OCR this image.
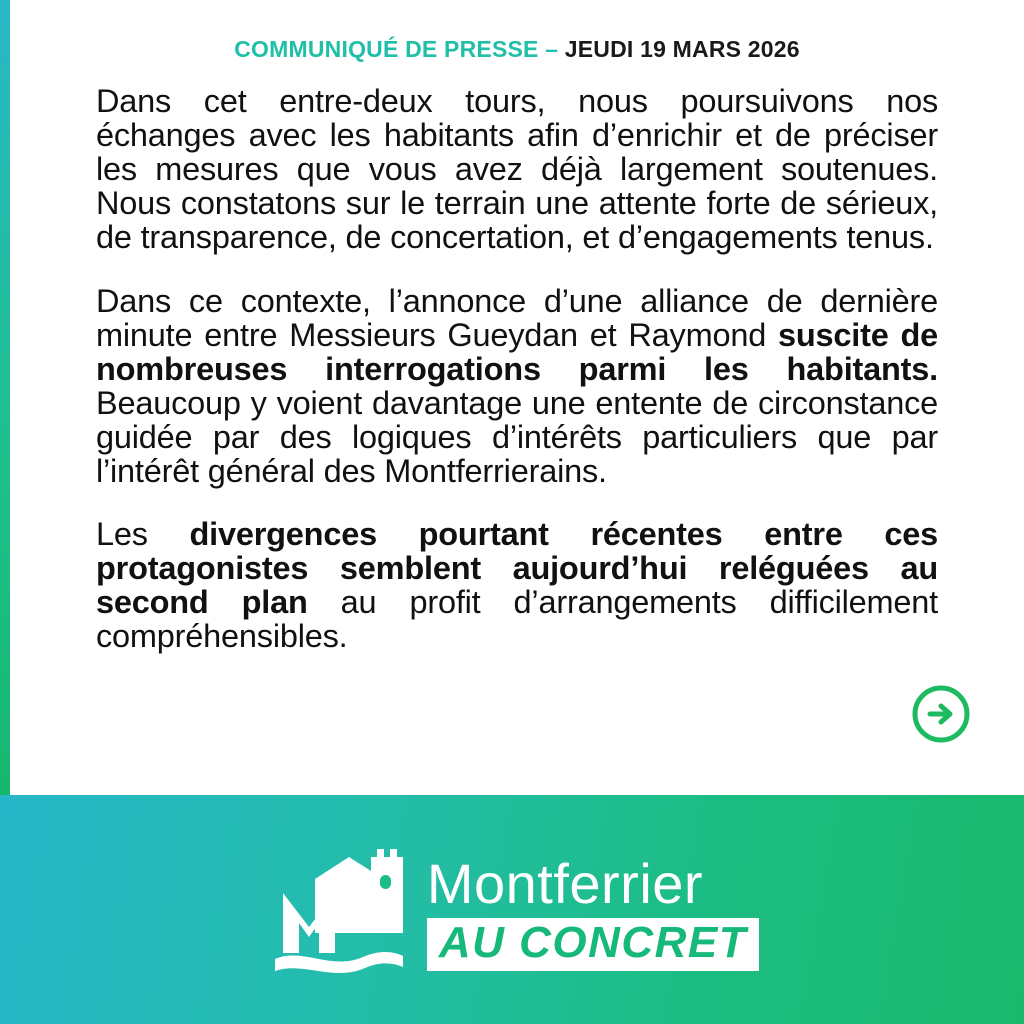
COMMUNIQUÉ DE PRESSE – JEUDI 19 MARS 2026

Dans cet entre-deux tours, nous poursuivons nos échanges avec les habitants afin d’enrichir et de préciser les mesures que vous avez déjà largement soutenues. Nous constatons sur le terrain une attente forte de sérieux, de transparence, de concertation, et d’engagements tenus.

Dans ce contexte, l’annonce d’une alliance de dernière minute entre Messieurs Gueydan et Raymond suscite de nombreuses interrogations parmi les habitants. Beaucoup y voient davantage une entente de circonstance guidée par des logiques d’intérêts particuliers que par l’intérêt général des Montferrierains.

Les divergences pourtant récentes entre ces protagonistes semblent aujourd’hui reléguées au second plan au profit d’arrangements difficilement compréhensibles.

Montferrier
AU CONCRET
